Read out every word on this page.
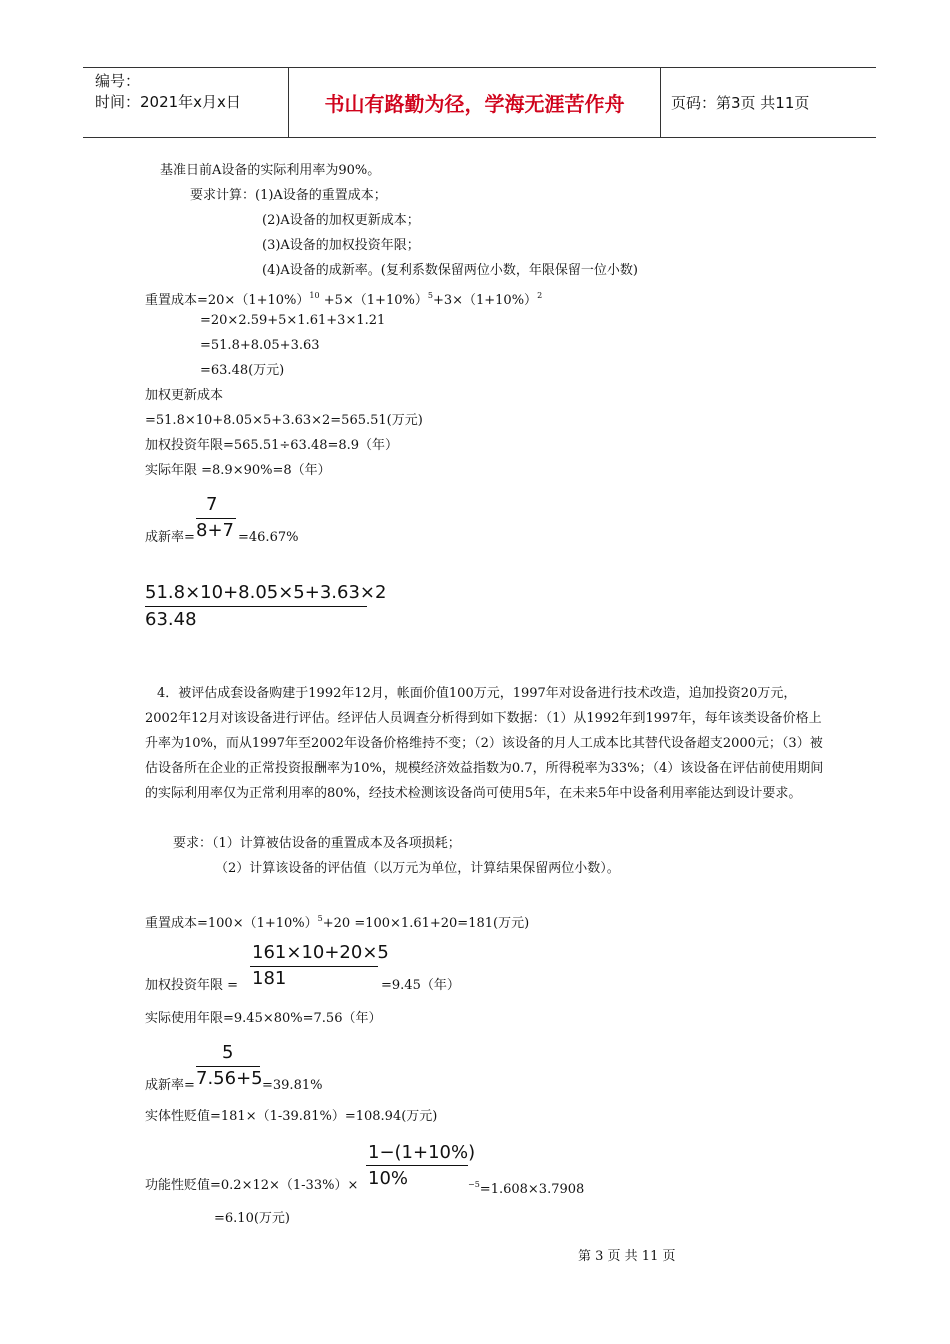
编号：
时间：2021年x月x日	书山有路勤为径，学海无涯苦作舟	页码：第3页 共11页
基准日前A设备的实际利用率为90%。
要求计算：(1)A设备的重置成本；
(2)A设备的加权更新成本；
(3)A设备的加权投资年限；
(4)A设备的成新率。(复利系数保留两位小数，年限保留一位小数)
重置成本$=20\times(1+10\%)^{10} +5\times(1+10\%)^5+3\times(1+10\%)^2$
=20×2.59+5×1.61+3×1.21
=51.8+8.05+3.63
=63.48(万元)
加权更新成本
=51.8×10+8.05×5+3.63×2=565.51(万元)
加权投资年限=565.51÷63.48=8.9（年）
实际年限 =8.9×90%=8（年）
7
8+7
成新率=	=46.67%
51.8×10+8.05×5+3.63×2
63.48
4．被评估成套设备购建于1992年12月，帐面价值100万元，1997年对设备进行技术改造，追加投资20万元，2002年12月对该设备进行评估。经评估人员调查分析得到如下数据：（1）从1992年到1997年，每年该类设备价格上升率为10%，而从1997年至2002年设备价格维持不变；（2）该设备的月人工成本比其替代设备超支2000元；（3）被估设备所在企业的正常投资报酬率为10%，规模经济效益指数为0.7，所得税率为33%；（4）该设备在评估前使用期间的实际利用率仅为正常利用率的80%，经技术检测该设备尚可使用5年，在未来5年中设备利用率能达到设计要求。
要求：（1）计算被估设备的重置成本及各项损耗；
（2）计算该设备的评估值（以万元为单位，计算结果保留两位小数）。
重置成本$=100\times(1+10\%)^5+20 =100\times 1.61+20=181$(万元)
161×10+20×5
181
加权投资年限 =	=9.45（年）
实际使用年限=9.45×80%=7.56（年）
5
7.56+5
成新率=	=39.81%
实体性贬值=181×（1-39.81%）=108.94(万元)
1−(1+10%)
10%
功能性贬值=0.2×12×（1-33%）×	$^{-5}$=1.608×3.7908
=6.10(万元)
第 3 页 共 11 页
